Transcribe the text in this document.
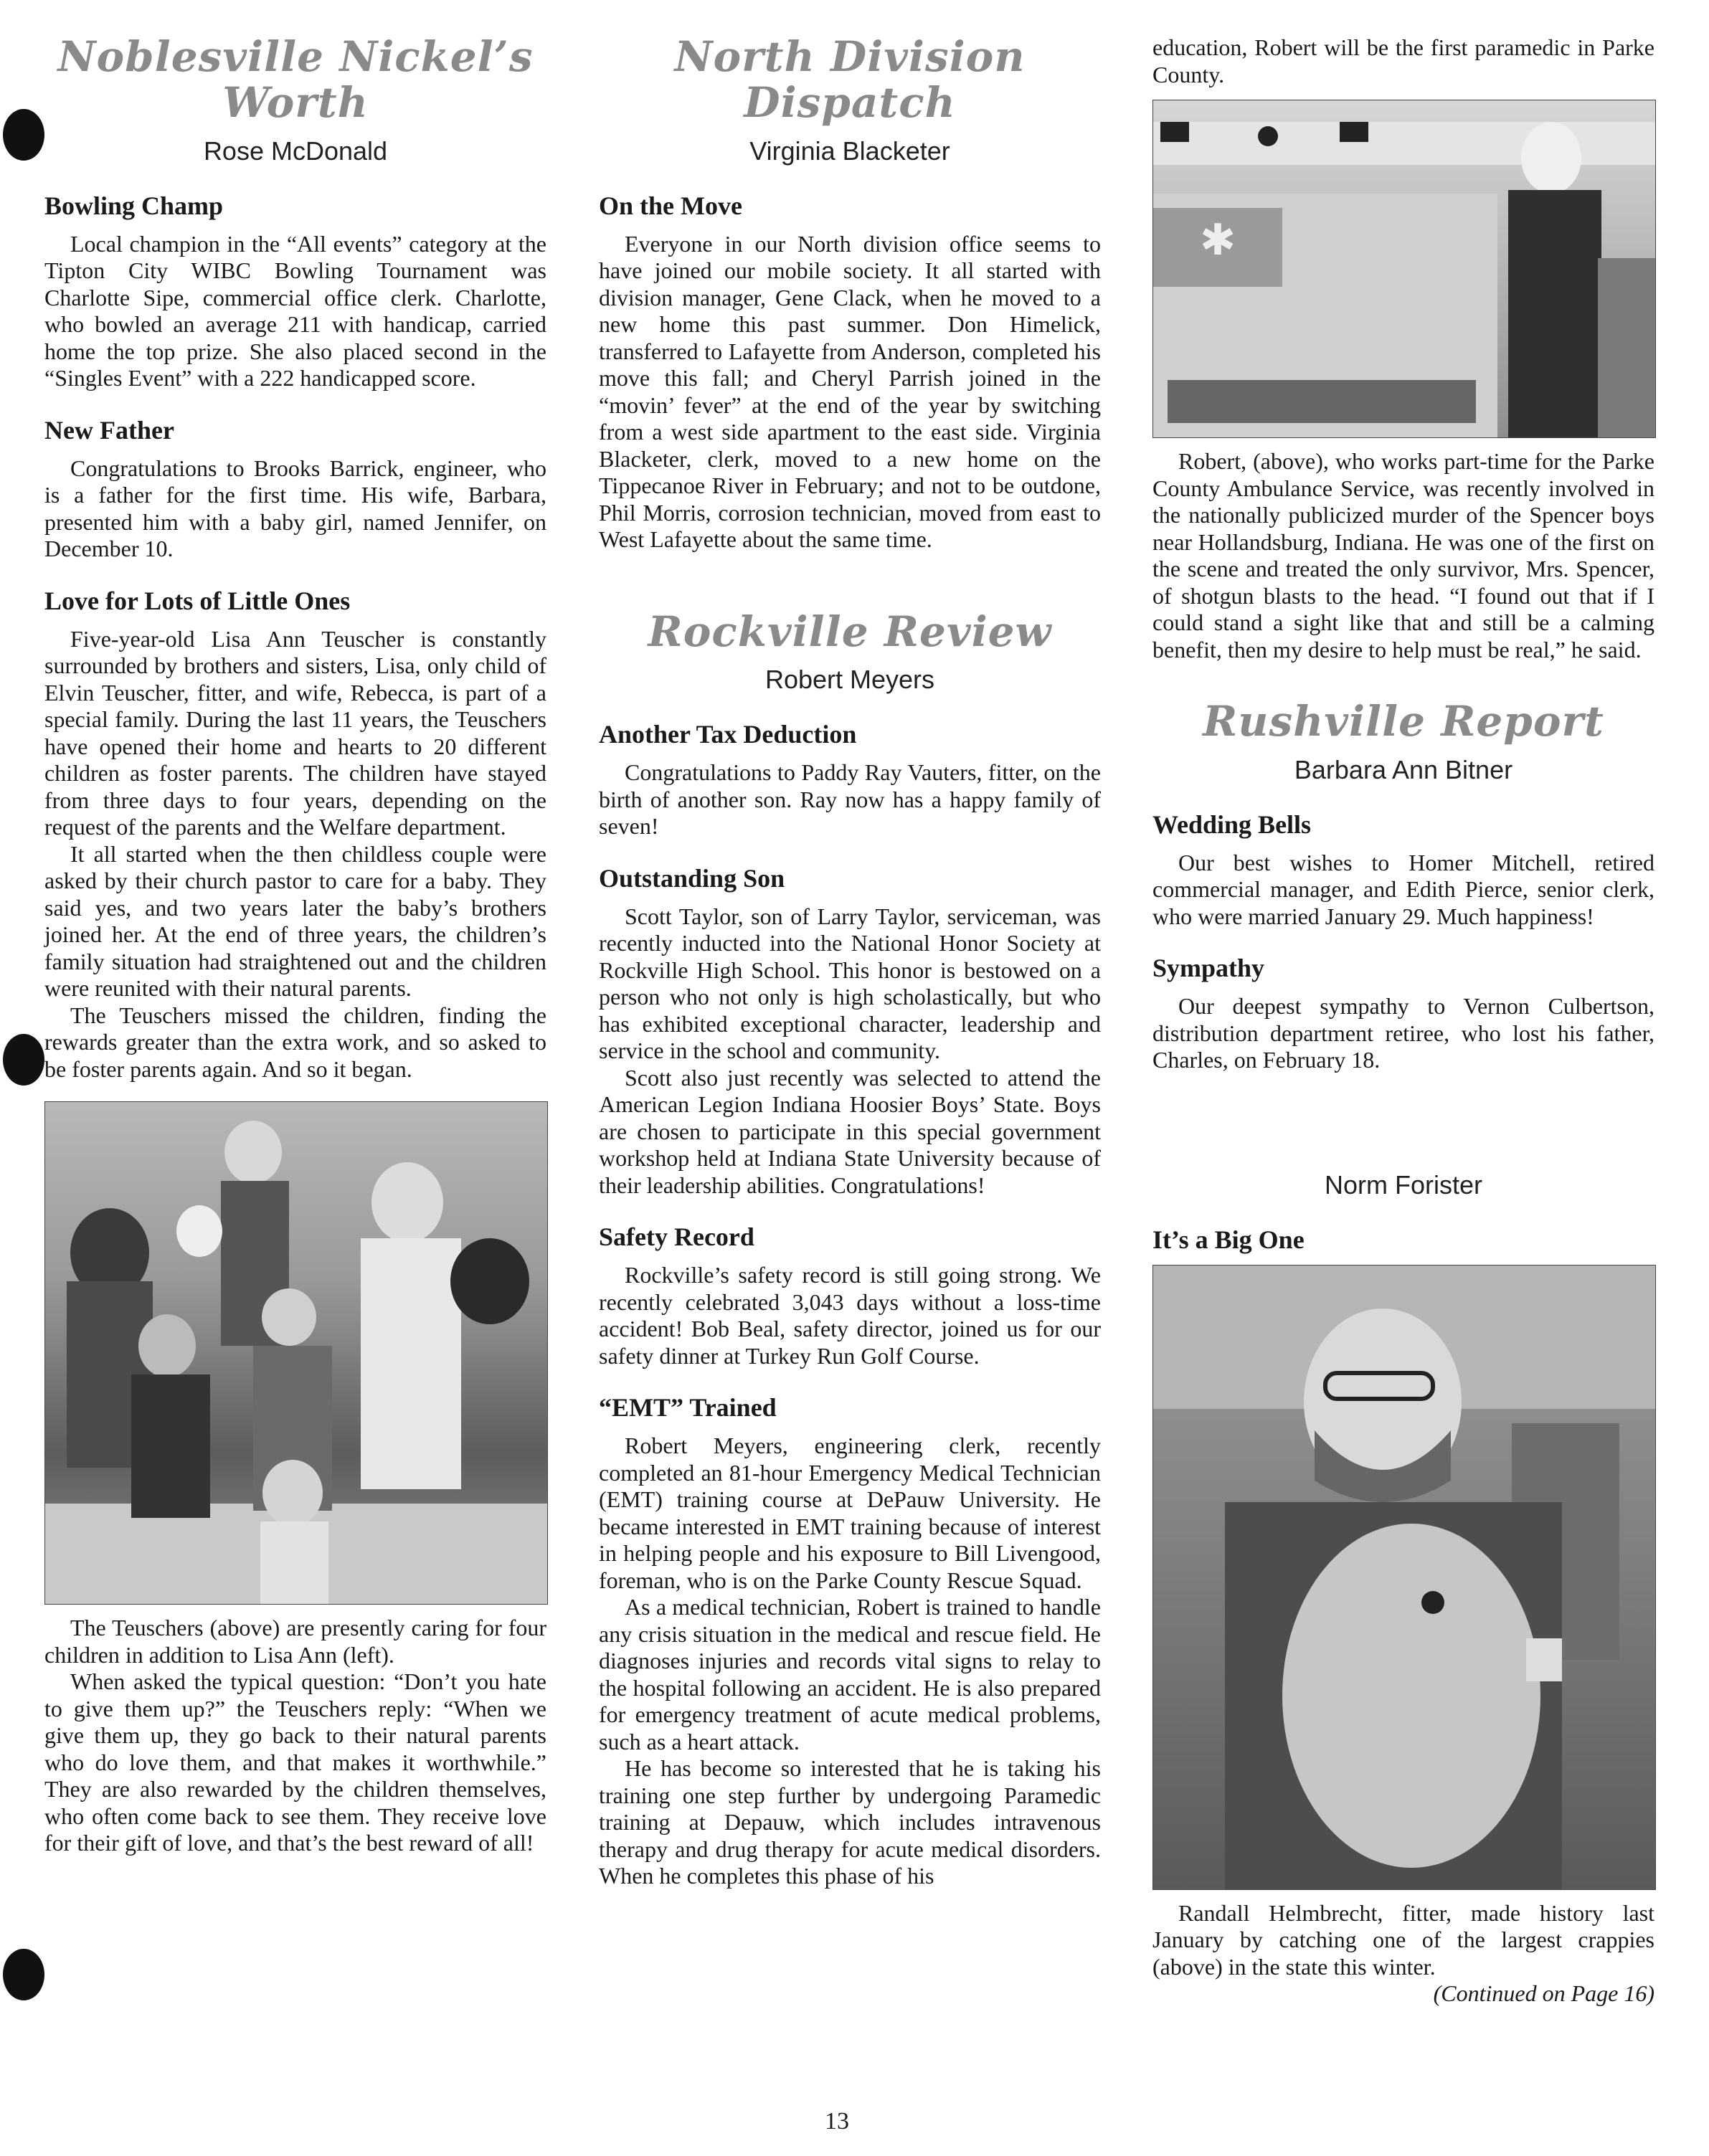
Noblesville Nickel’s Worth
Rose McDonald
Bowling Champ

Local champion in the “All events” category at the Tipton City WIBC Bowling Tournament was Charlotte Sipe, commercial office clerk. Charlotte, who bowled an average 211 with handicap, carried home the top prize. She also placed second in the “Singles Event” with a 222 handicapped score.

New Father

Congratulations to Brooks Barrick, engineer, who is a father for the first time. His wife, Barbara, presented him with a baby girl, named Jennifer, on December 10.

Love for Lots of Little Ones

Five-year-old Lisa Ann Teuscher is constantly surrounded by brothers and sisters, Lisa, only child of Elvin Teuscher, fitter, and wife, Rebecca, is part of a special family. During the last 11 years, the Teuschers have opened their home and hearts to 20 different children as foster parents. The children have stayed from three days to four years, depending on the request of the parents and the Welfare department.

It all started when the then childless couple were asked by their church pastor to care for a baby. They said yes, and two years later the baby’s brothers joined her. At the end of three years, the children’s family situation had straightened out and the children were reunited with their natural parents.

The Teuschers missed the children, finding the rewards greater than the extra work, and so asked to be foster parents again. And so it began.

The Teuschers (above) are presently caring for four children in addition to Lisa Ann (left).

When asked the typical question: “Don’t you hate to give them up?” the Teuschers reply: “When we give them up, they go back to their natural parents who do love them, and that makes it worthwhile.” They are also rewarded by the children themselves, who often come back to see them. They receive love for their gift of love, and that’s the best reward of all!

North Division Dispatch
Virginia Blacketer
On the Move

Everyone in our North division office seems to have joined our mobile society. It all started with division manager, Gene Clack, when he moved to a new home this past summer. Don Himelick, transferred to Lafayette from Anderson, completed his move this fall; and Cheryl Parrish joined in the “movin’ fever” at the end of the year by switching from a west side apartment to the east side. Virginia Blacketer, clerk, moved to a new home on the Tippecanoe River in February; and not to be outdone, Phil Morris, corrosion technician, moved from east to West Lafayette about the same time.

Rockville Review
Robert Meyers
Another Tax Deduction

Congratulations to Paddy Ray Vauters, fitter, on the birth of another son. Ray now has a happy family of seven!

Outstanding Son

Scott Taylor, son of Larry Taylor, serviceman, was recently inducted into the National Honor Society at Rockville High School. This honor is bestowed on a person who not only is high scholastically, but who has exhibited exceptional character, leadership and service in the school and community.

Scott also just recently was selected to attend the American Legion Indiana Hoosier Boys’ State. Boys are chosen to participate in this special government workshop held at Indiana State University because of their leadership abilities. Congratulations!

Safety Record

Rockville’s safety record is still going strong. We recently celebrated 3,043 days without a loss-time accident! Bob Beal, safety director, joined us for our safety dinner at Turkey Run Golf Course.

“EMT” Trained

Robert Meyers, engineering clerk, recently completed an 81-hour Emergency Medical Technician (EMT) training course at DePauw University. He became interested in EMT training because of interest in helping people and his exposure to Bill Livengood, foreman, who is on the Parke County Rescue Squad.

As a medical technician, Robert is trained to handle any crisis situation in the medical and rescue field. He diagnoses injuries and records vital signs to relay to the hospital following an accident. He is also prepared for emergency treatment of acute medical problems, such as a heart attack.

He has become so interested that he is taking his training one step further by undergoing Paramedic training at Depauw, which includes intravenous therapy and drug therapy for acute medical disorders. When he completes this phase of his

education, Robert will be the first paramedic in Parke County.

✱

Robert, (above), who works part-time for the Parke County Ambulance Service, was recently involved in the nationally publicized murder of the Spencer boys near Hollandsburg, Indiana. He was one of the first on the scene and treated the only survivor, Mrs. Spencer, of shotgun blasts to the head. “I found out that if I could stand a sight like that and still be a calming benefit, then my desire to help must be real,” he said.

Rushville Report
Barbara Ann Bitner
Wedding Bells

Our best wishes to Homer Mitchell, retired commercial manager, and Edith Pierce, senior clerk, who were married January 29. Much happiness!

Sympathy

Our deepest sympathy to Vernon Culbertson, distribution department retiree, who lost his father, Charles, on February 18.

Norm Forister
It’s a Big One

Randall Helmbrecht, fitter, made history last January by catching one of the largest crappies (above) in the state this winter.

(Continued on Page 16)

13
